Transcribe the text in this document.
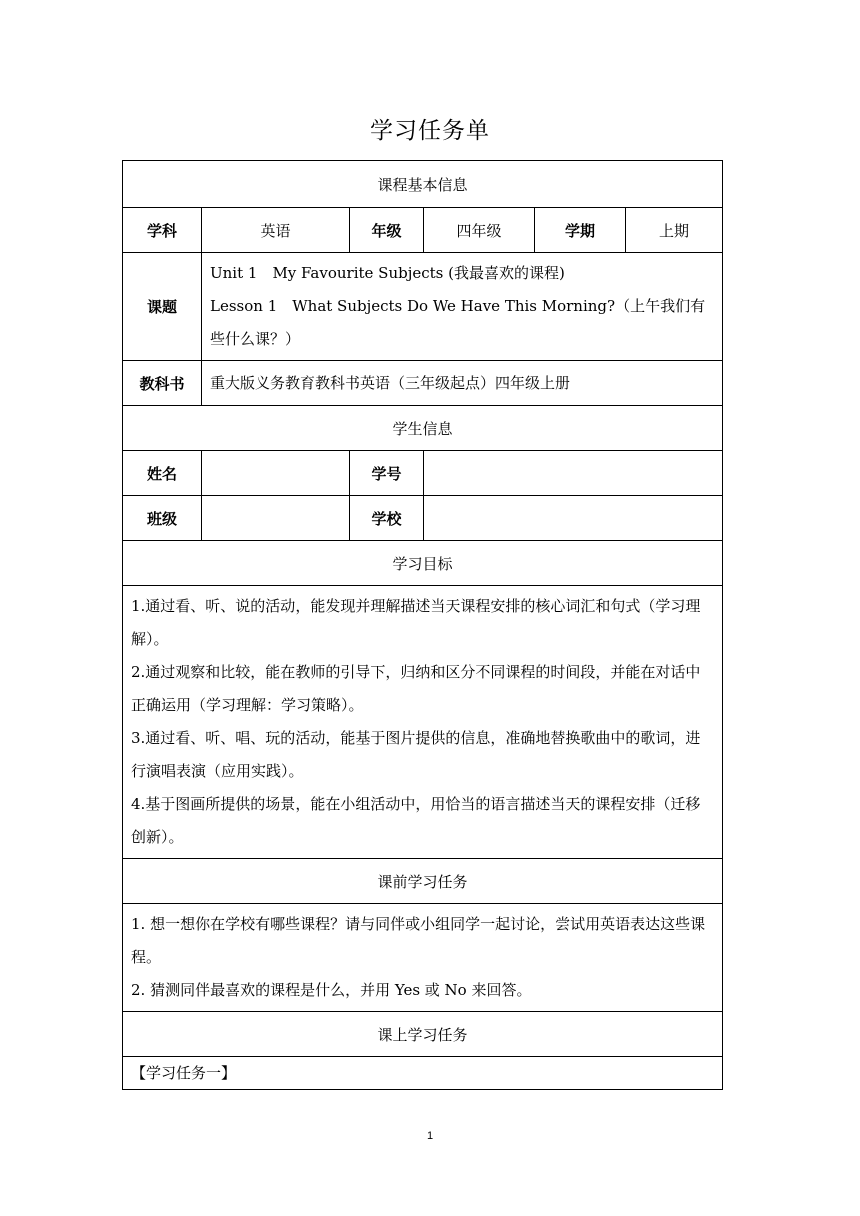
学习任务单
课程基本信息					
学科	英语	年级	四年级	学期	上期
课题	Unit 1　My Favourite Subjects (我最喜欢的课程)

Lesson 1　What Subjects Do We Have This Morning?（上午我们有些什么课？）				

教科书	重大版义务教育教科书英语（三年级起点）四年级上册				
学生信息					
姓名		学号			
班级		学校			
学习目标					

1.通过看、听、说的活动，能发现并理解描述当天课程安排的核心词汇和句式（学习理解）。

2.通过观察和比较，能在教师的引导下，归纳和区分不同课程的时间段，并能在对话中正确运用（学习理解：学习策略）。

3.通过看、听、唱、玩的活动，能基于图片提供的信息，准确地替换歌曲中的歌词，进行演唱表演（应用实践）。

4.基于图画所提供的场景，能在小组活动中，用恰当的语言描述当天的课程安排（迁移创新）。					

课前学习任务					

1. 想一想你在学校有哪些课程？请与同伴或小组同学一起讨论，尝试用英语表达这些课程。

2. 猜测同伴最喜欢的课程是什么，并用 Yes 或 No 来回答。					

课上学习任务					
【学习任务一】					
1
